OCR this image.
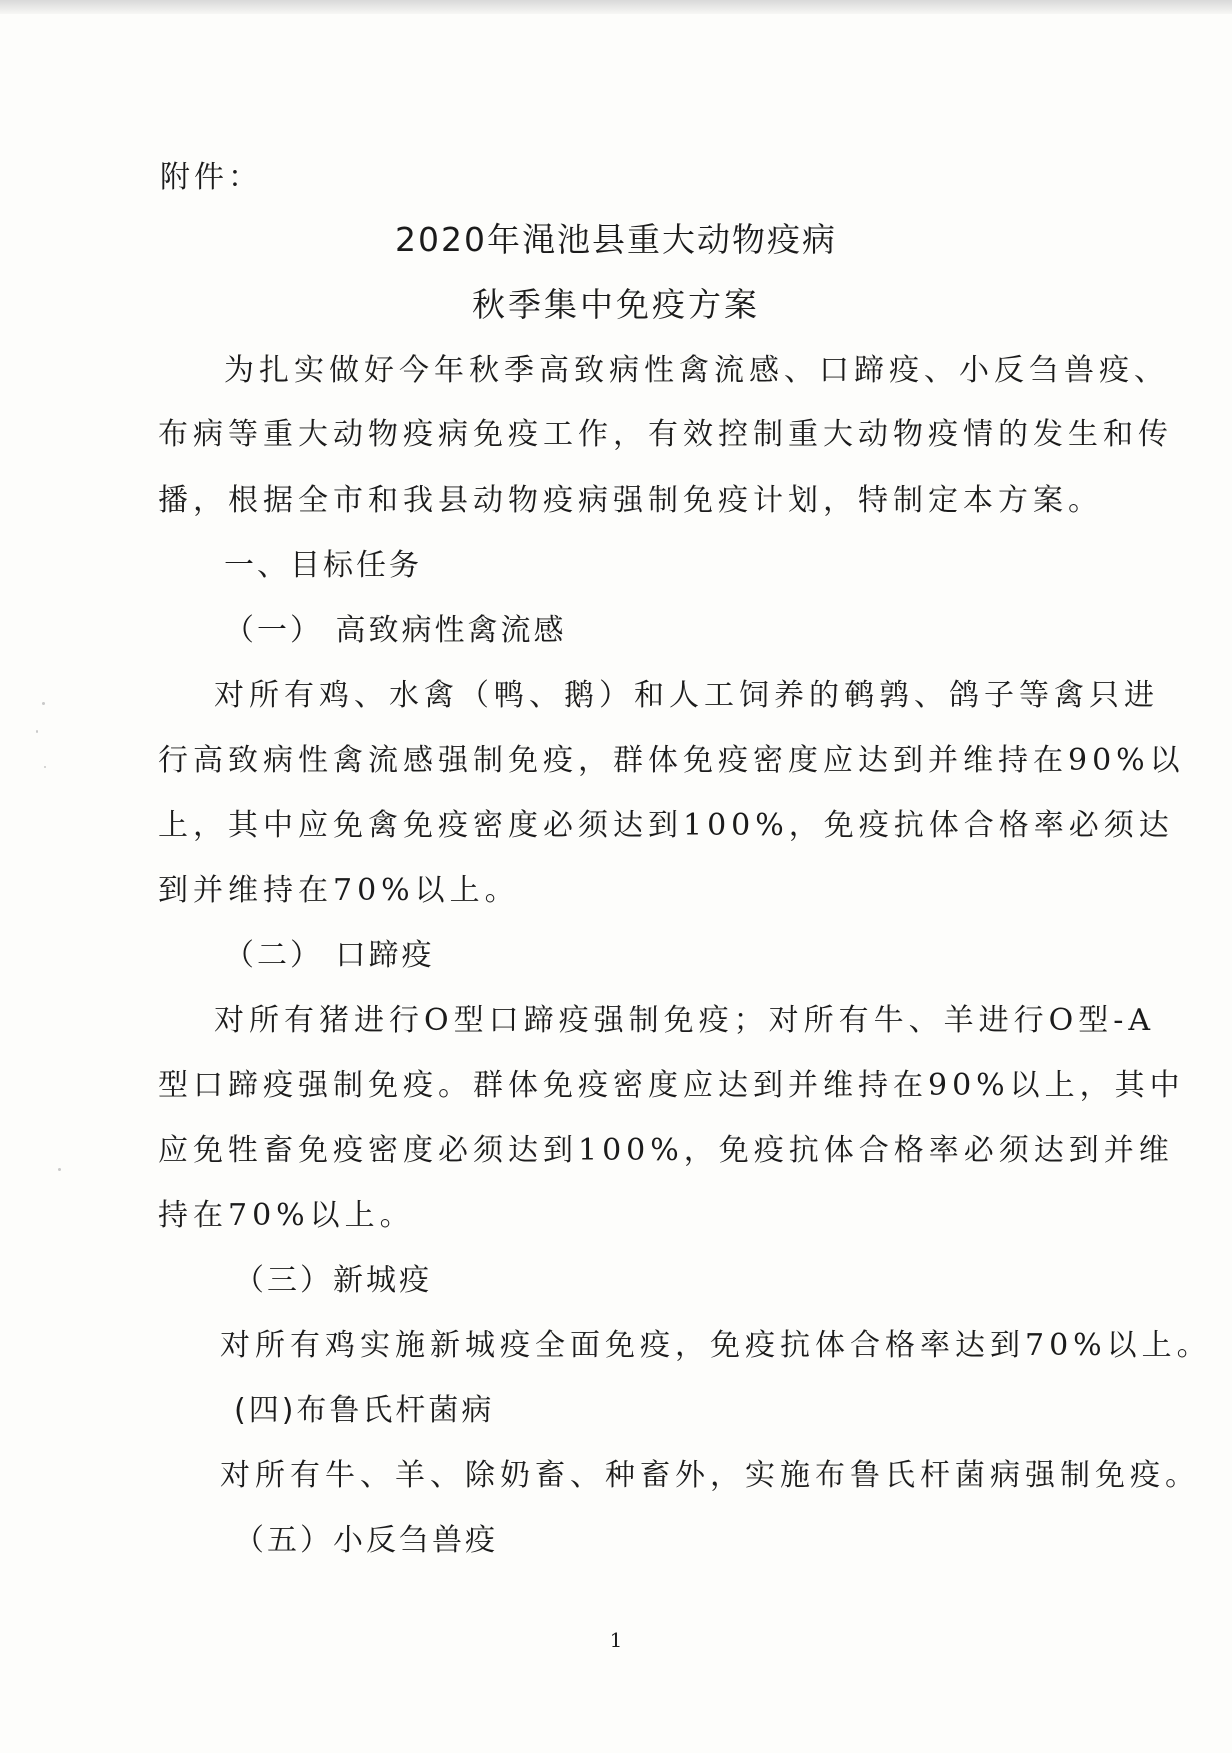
附件：
2020年渑池县重大动物疫病
秋季集中免疫方案
为扎实做好今年秋季高致病性禽流感、口蹄疫、小反刍兽疫、
布病等重大动物疫病免疫工作，有效控制重大动物疫情的发生和传
播，根据全市和我县动物疫病强制免疫计划，特制定本方案。
一、目标任务
（一） 高致病性禽流感
对所有鸡、水禽（鸭、鹅）和人工饲养的鹌鹑、鸽子等禽只进
行高致病性禽流感强制免疫，群体免疫密度应达到并维持在90%以
上，其中应免禽免疫密度必须达到100%，免疫抗体合格率必须达
到并维持在70%以上。
（二） 口蹄疫
对所有猪进行O型口蹄疫强制免疫；对所有牛、羊进行O型-A
型口蹄疫强制免疫。群体免疫密度应达到并维持在90%以上，其中
应免牲畜免疫密度必须达到100%，免疫抗体合格率必须达到并维
持在70%以上。
（三）新城疫
对所有鸡实施新城疫全面免疫，免疫抗体合格率达到70%以上。
(四)布鲁氏杆菌病
对所有牛、羊、除奶畜、种畜外，实施布鲁氏杆菌病强制免疫。
（五）小反刍兽疫
1
